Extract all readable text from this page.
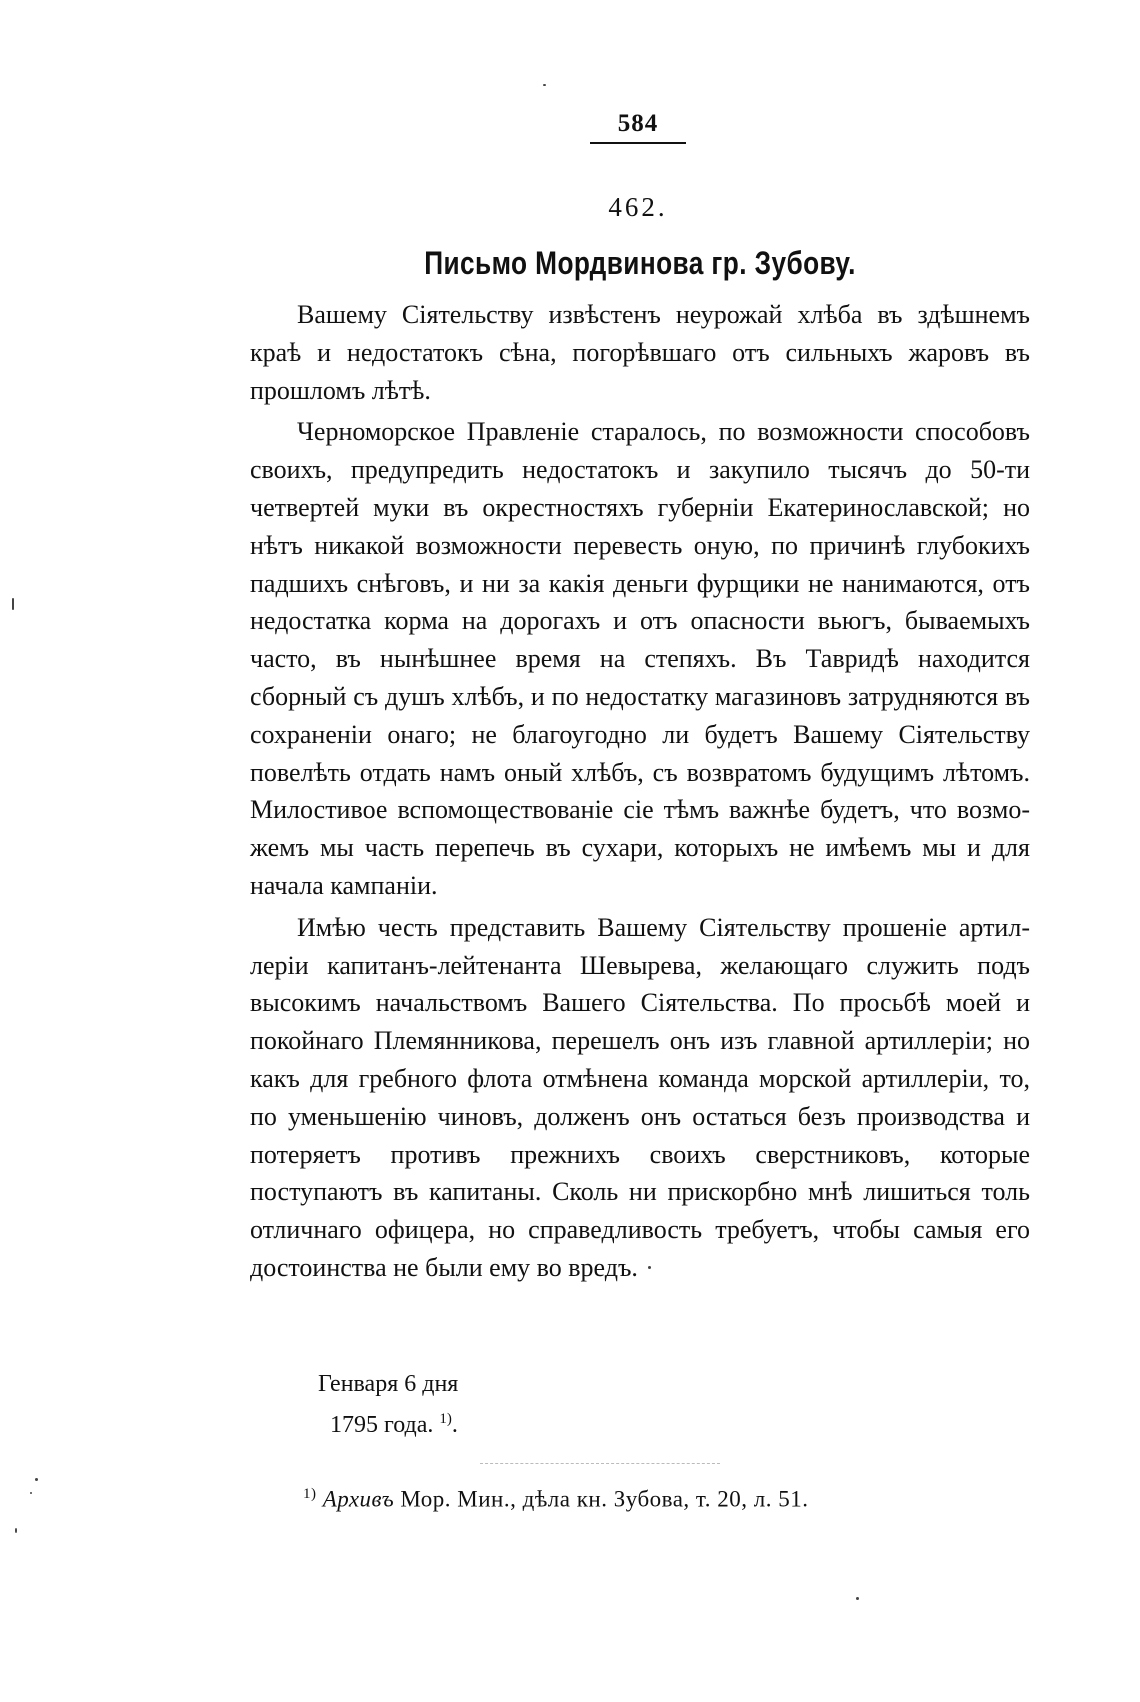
584
462.
Письмо Мордвинова гр. Зубову.

Вашему Сіятельству извѣстенъ неурожай хлѣба въ здѣшнемъ краѣ и недостатокъ сѣна, погорѣвшаго отъ сильныхъ жаровъ въ прошломъ лѣтѣ.

Черноморское Правленіе старалось, по возможности способовъ своихъ, предупредить недостатокъ и закупило тысячъ до 50-ти четвертей муки въ окрестностяхъ губерніи Екатеринославской; но нѣтъ никакой возможности перевесть оную, по причинѣ глубокихъ падшихъ снѣговъ, и ни за какія деньги фурщики не нанимаются, отъ недостатка корма на дорогахъ и отъ опасности вьюгъ, бываемыхъ часто, въ нынѣшнее время на степяхъ. Въ Тавридѣ находится сборный съ душъ хлѣбъ, и по недостатку магазиновъ затрудняются въ сохраненіи онаго; не благоугодно ли будетъ Вашему Сіятельству повелѣть отдать намъ оный хлѣбъ, съ возвратомъ будущимъ лѣтомъ. Милостивое вспомоществованіе сіе тѣмъ важнѣе будетъ, что возможемъ мы часть перепечь въ сухари, которыхъ не имѣемъ мы и для начала кампаніи.

Имѣю честь представить Вашему Сіятельству прошеніе артиллеріи капитанъ-лейтенанта Шевырева, желающаго служить подъ высокимъ начальствомъ Вашего Сіятельства. По просьбѣ моей и покойнаго Племянникова, перешелъ онъ изъ главной артиллеріи; но какъ для гребного флота отмѣнена команда морской артиллеріи, то, по уменьшенію чиновъ, долженъ онъ остаться безъ производства и потеряетъ противъ прежнихъ своихъ сверстниковъ, которые поступаютъ въ капитаны. Сколь ни прискорбно мнѣ лишиться толь отличнаго офицера, но справедливость требуетъ, чтобы самыя его достоинства не были ему во вредъ.

Генваря 6 дня
1795 года. $^{1)}$.
$^{1)}$ Архивъ Мор. Мин., дѣла кн. Зубова, т. 20, л. 51.
